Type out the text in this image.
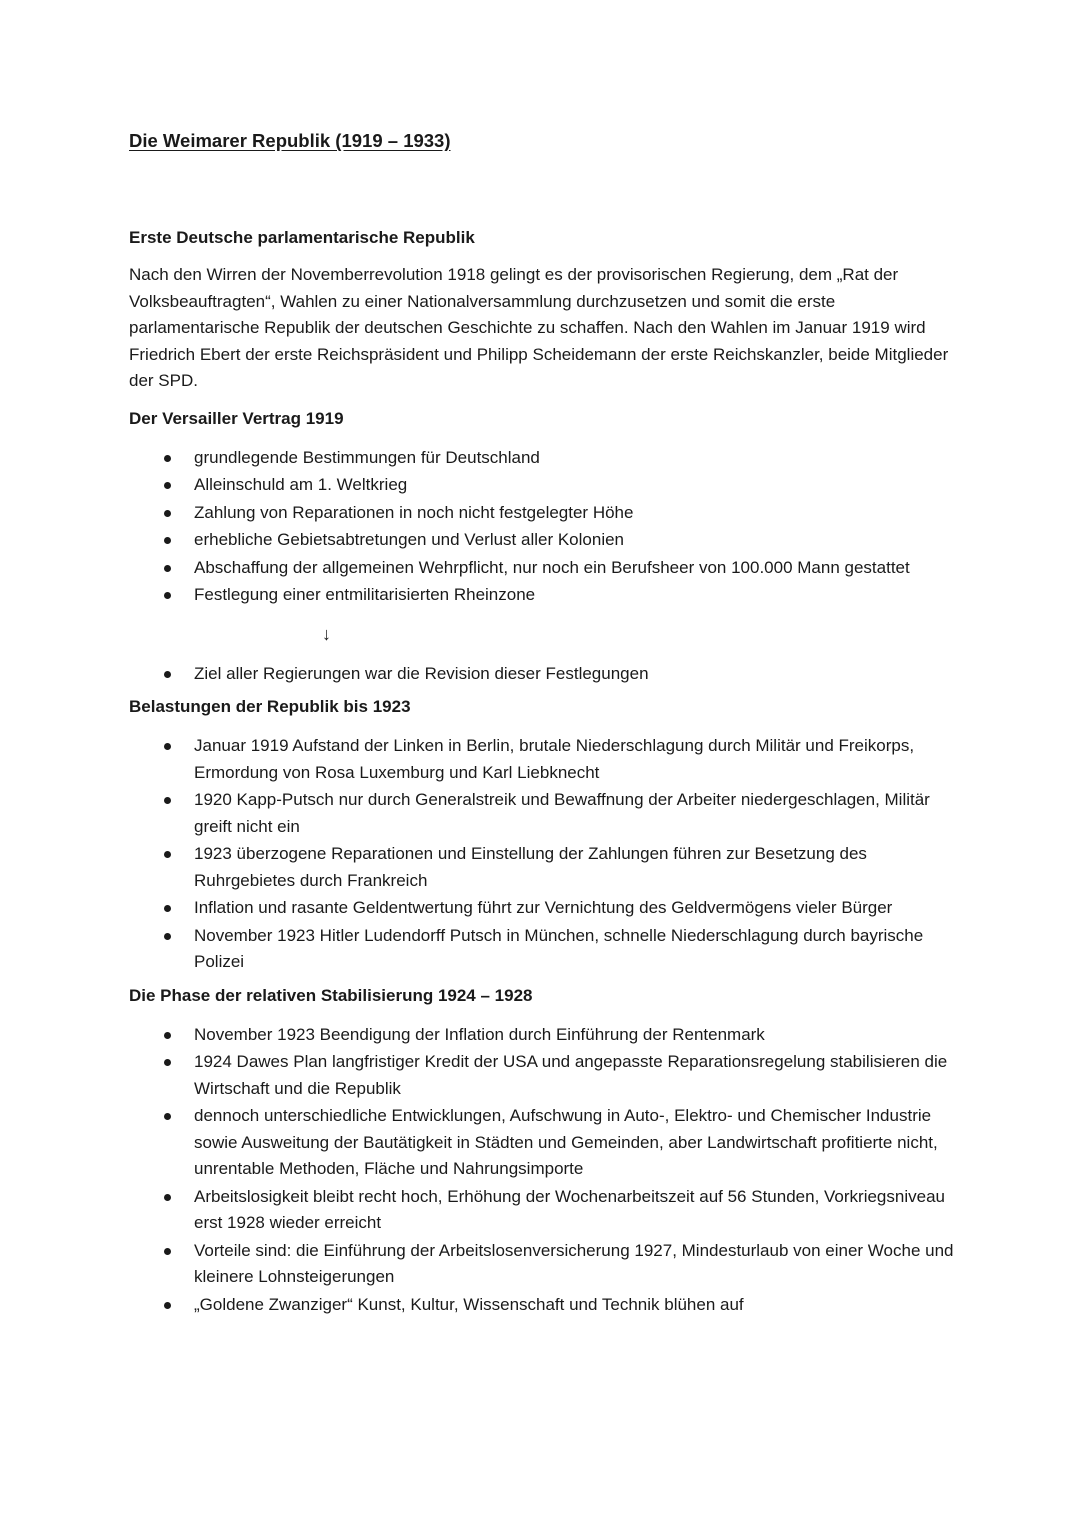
Die Weimarer Republik (1919 – 1933)
Erste Deutsche parlamentarische Republik

Nach den Wirren der Novemberrevolution 1918 gelingt es der provisorischen Regierung, dem „Rat der Volksbeauftragten“, Wahlen zu einer Nationalversammlung durchzusetzen und somit die erste parlamentarische Republik der deutschen Geschichte zu schaffen. Nach den Wahlen im Januar 1919 wird Friedrich Ebert der erste Reichspräsident und Philipp Scheidemann der erste Reichskanzler, beide Mitglieder der SPD.

Der Versailler Vertrag 1919
grundlegende Bestimmungen für Deutschland
Alleinschuld am 1. Weltkrieg
Zahlung von Reparationen in noch nicht festgelegter Höhe
erhebliche Gebietsabtretungen und Verlust aller Kolonien
Abschaffung der allgemeinen Wehrpflicht, nur noch ein Berufsheer von 100.000 Mann gestattet
Festlegung einer entmilitarisierten Rheinzone
↓
Ziel aller Regierungen war die Revision dieser Festlegungen
Belastungen der Republik bis 1923
Januar 1919 Aufstand der Linken in Berlin, brutale Niederschlagung durch Militär und Freikorps, Ermordung von Rosa Luxemburg und Karl Liebknecht
1920 Kapp-Putsch nur durch Generalstreik und Bewaffnung der Arbeiter niedergeschlagen, Militär greift nicht ein
1923 überzogene Reparationen und Einstellung der Zahlungen führen zur Besetzung des Ruhrgebietes durch Frankreich
Inflation und rasante Geldentwertung führt zur Vernichtung des Geldvermögens vieler Bürger
November 1923 Hitler Ludendorff Putsch in München, schnelle Niederschlagung durch bayrische Polizei
Die Phase der relativen Stabilisierung 1924 – 1928
November 1923 Beendigung der Inflation durch Einführung der Rentenmark
1924 Dawes Plan langfristiger Kredit der USA und angepasste Reparationsregelung stabilisieren die Wirtschaft und die Republik
dennoch unterschiedliche Entwicklungen, Aufschwung in Auto-, Elektro- und Chemischer Industrie sowie Ausweitung der Bautätigkeit in Städten und Gemeinden, aber Landwirtschaft profitierte nicht, unrentable Methoden, Fläche und Nahrungsimporte
Arbeitslosigkeit bleibt recht hoch, Erhöhung der Wochenarbeitszeit auf 56 Stunden, Vorkriegsniveau erst 1928 wieder erreicht
Vorteile sind: die Einführung der Arbeitslosenversicherung 1927, Mindesturlaub von einer Woche und kleinere Lohnsteigerungen
„Goldene Zwanziger“ Kunst, Kultur, Wissenschaft und Technik blühen auf
